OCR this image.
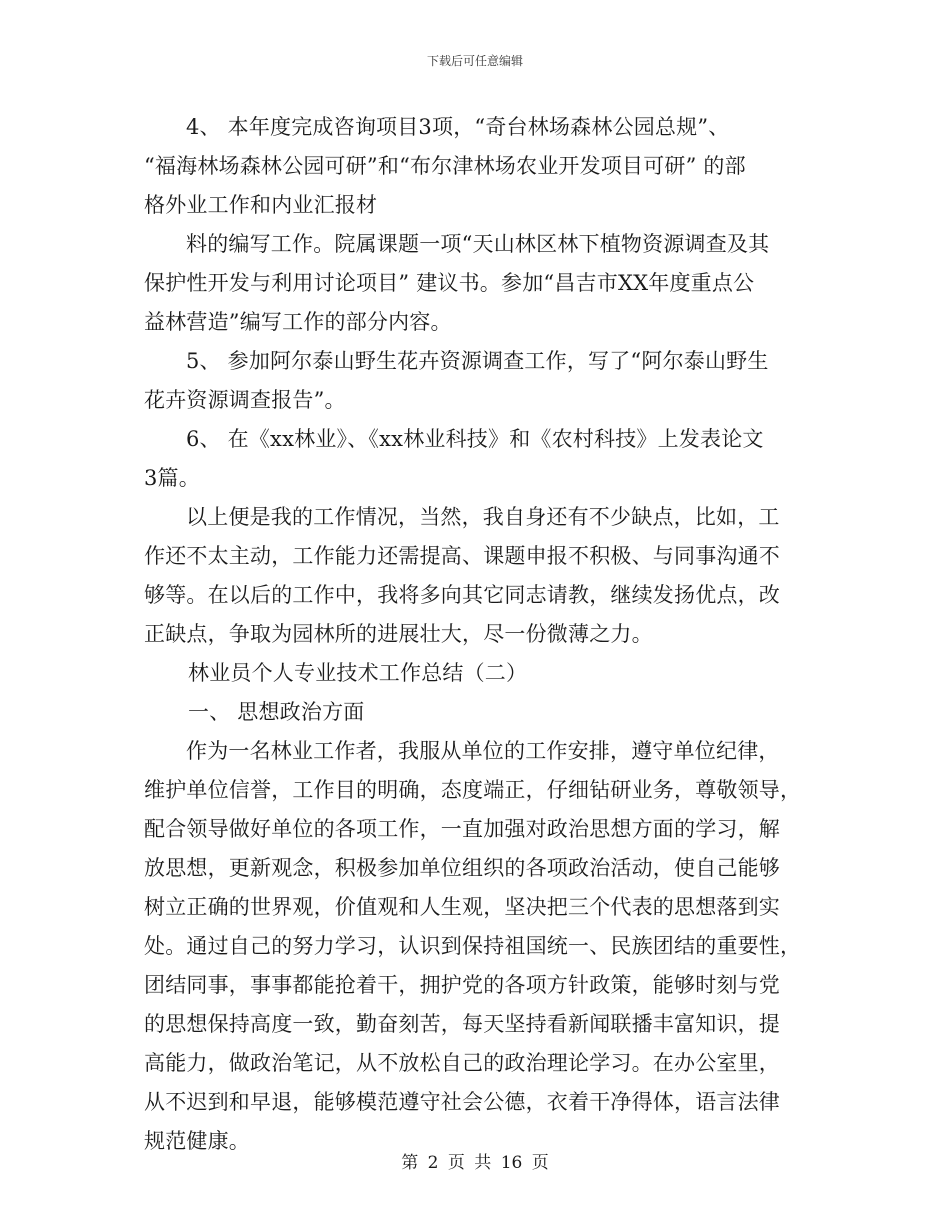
下载后可任意编辑
4、 本年度完成咨询项目3项，“奇台林场森林公园总规”、
“福海林场森林公园可研”和“布尔津林场农业开发项目可研” 的部
格外业工作和内业汇报材
料的编写工作。院属课题一项“天山林区林下植物资源调查及其
保护性开发与利用讨论项目” 建议书。参加“昌吉市XX年度重点公
益林营造”编写工作的部分内容。
5、 参加阿尔泰山野生花卉资源调查工作，写了“阿尔泰山野生
花卉资源调查报告”。
6、 在《xx林业》、《xx林业科技》和《农村科技》上发表论文
3篇。
以上便是我的工作情况，当然，我自身还有不少缺点，比如，工
作还不太主动，工作能力还需提高、课题申报不积极、与同事沟通不
够等。在以后的工作中，我将多向其它同志请教，继续发扬优点，改
正缺点，争取为园林所的进展壮大，尽一份微薄之力。
林业员个人专业技术工作总结（二）
一、 思想政治方面
作为一名林业工作者，我服从单位的工作安排，遵守单位纪律，
维护单位信誉，工作目的明确，态度端正，仔细钻研业务，尊敬领导，
配合领导做好单位的各项工作，一直加强对政治思想方面的学习，解
放思想，更新观念，积极参加单位组织的各项政治活动，使自己能够
树立正确的世界观，价值观和人生观，坚决把三个代表的思想落到实
处。通过自己的努力学习，认识到保持祖国统一、民族团结的重要性，
团结同事，事事都能抢着干，拥护党的各项方针政策，能够时刻与党
的思想保持高度一致，勤奋刻苦，每天坚持看新闻联播丰富知识，提
高能力，做政治笔记，从不放松自己的政治理论学习。在办公室里，
从不迟到和早退，能够模范遵守社会公德，衣着干净得体，语言法律
规范健康。
第 2 页 共 16 页
